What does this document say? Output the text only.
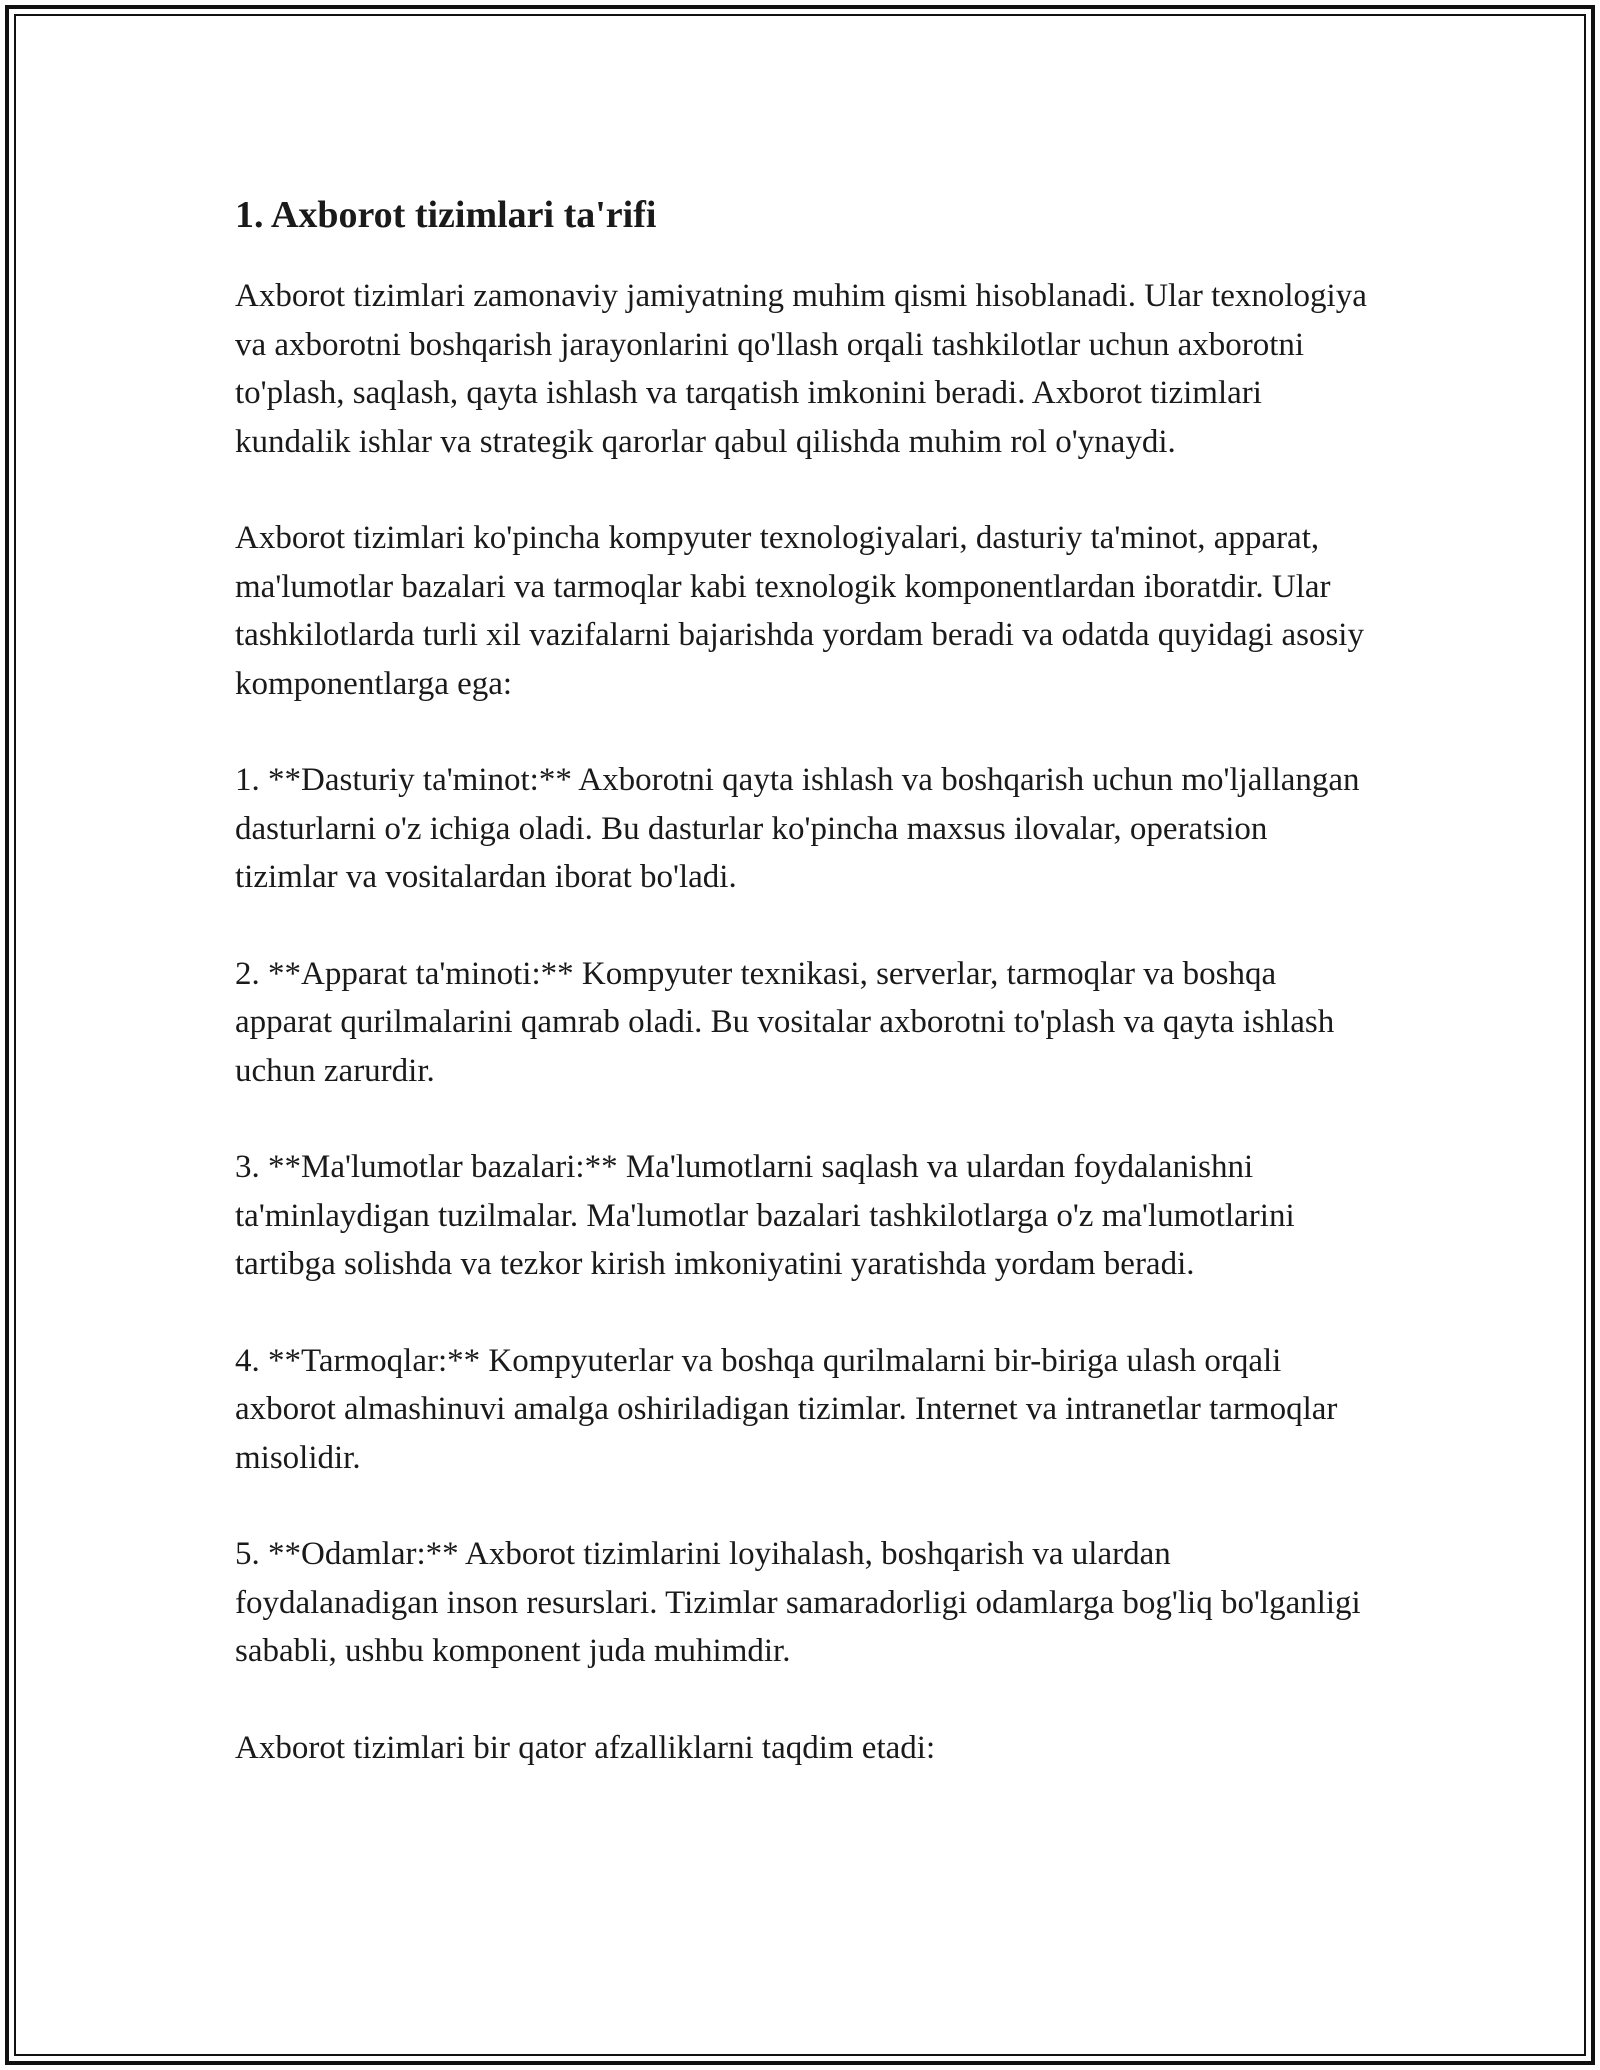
1. Axborot tizimlari ta'rifi

Axborot tizimlari zamonaviy jamiyatning muhim qismi hisoblanadi. Ular texnologiya va axborotni boshqarish jarayonlarini qo'llash orqali tashkilotlar uchun axborotni to'plash, saqlash, qayta ishlash va tarqatish imkonini beradi. Axborot tizimlari kundalik ishlar va strategik qarorlar qabul qilishda muhim rol o'ynaydi.

Axborot tizimlari ko'pincha kompyuter texnologiyalari, dasturiy ta'minot, apparat, ma'lumotlar bazalari va tarmoqlar kabi texnologik komponentlardan iboratdir. Ular tashkilotlarda turli xil vazifalarni bajarishda yordam beradi va odatda quyidagi asosiy komponentlarga ega:

1. **Dasturiy ta'minot:** Axborotni qayta ishlash va boshqarish uchun mo'ljallangan dasturlarni o'z ichiga oladi. Bu dasturlar ko'pincha maxsus ilovalar, operatsion tizimlar va vositalardan iborat bo'ladi.

2. **Apparat ta'minoti:** Kompyuter texnikasi, serverlar, tarmoqlar va boshqa apparat qurilmalarini qamrab oladi. Bu vositalar axborotni to'plash va qayta ishlash uchun zarurdir.

3. **Ma'lumotlar bazalari:** Ma'lumotlarni saqlash va ulardan foydalanishni ta'minlaydigan tuzilmalar. Ma'lumotlar bazalari tashkilotlarga o'z ma'lumotlarini tartibga solishda va tezkor kirish imkoniyatini yaratishda yordam beradi.

4. **Tarmoqlar:** Kompyuterlar va boshqa qurilmalarni bir-biriga ulash orqali axborot almashinuvi amalga oshiriladigan tizimlar. Internet va intranetlar tarmoqlar misolidir.

5. **Odamlar:** Axborot tizimlarini loyihalash, boshqarish va ulardan foydalanadigan inson resurslari. Tizimlar samaradorligi odamlarga bog'liq bo'lganligi sababli, ushbu komponent juda muhimdir.

Axborot tizimlari bir qator afzalliklarni taqdim etadi:
